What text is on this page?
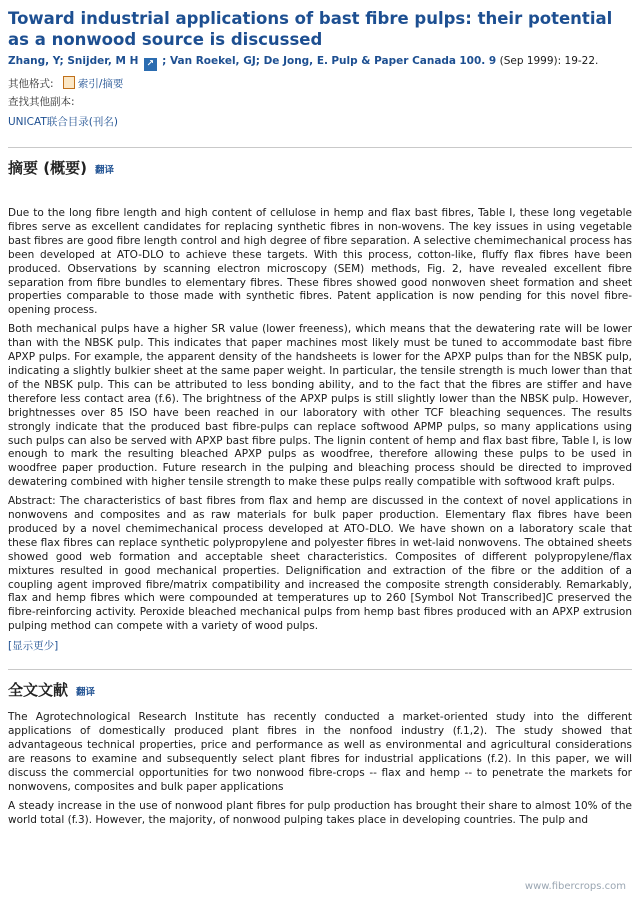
Toward industrial applications of bast fibre pulps: their potential as a nonwood source is discussed
Zhang, Y; Snijder, M H ↗ ; Van Roekel, GJ; De Jong, E. Pulp & Paper Canada 100. 9 (Sep 1999): 19-22.
其他格式: 索引/摘要
查找其他副本:
UNICAT联合目录(刊名)
摘要 (概要) 翻译

Due to the long fibre length and high content of cellulose in hemp and flax bast fibres, Table I, these long vegetable fibres serve as excellent candidates for replacing synthetic fibres in non-wovens. The key issues in using vegetable bast fibres are good fibre length control and high degree of fibre separation. A selective chemimechanical process has been developed at ATO-DLO to achieve these targets. With this process, cotton-like, fluffy flax fibres have been produced. Observations by scanning electron microscopy (SEM) methods, Fig. 2, have revealed excellent fibre separation from fibre bundles to elementary fibres. These fibres showed good nonwoven sheet formation and sheet properties comparable to those made with synthetic fibres. Patent application is now pending for this novel fibre-opening process.

Both mechanical pulps have a higher SR value (lower freeness), which means that the dewatering rate will be lower than with the NBSK pulp. This indicates that paper machines most likely must be tuned to accommodate bast fibre APXP pulps. For example, the apparent density of the handsheets is lower for the APXP pulps than for the NBSK pulp, indicating a slightly bulkier sheet at the same paper weight. In particular, the tensile strength is much lower than that of the NBSK pulp. This can be attributed to less bonding ability, and to the fact that the fibres are stiffer and have therefore less contact area (f.6). The brightness of the APXP pulps is still slightly lower than the NBSK pulp. However, brightnesses over 85 ISO have been reached in our laboratory with other TCF bleaching sequences. The results strongly indicate that the produced bast fibre-pulps can replace softwood APMP pulps, so many applications using such pulps can also be served with APXP bast fibre pulps. The lignin content of hemp and flax bast fibre, Table I, is low enough to mark the resulting bleached APXP pulps as woodfree, therefore allowing these pulps to be used in woodfree paper production. Future research in the pulping and bleaching process should be directed to improved dewatering combined with higher tensile strength to make these pulps really compatible with softwood kraft pulps.

Abstract: The characteristics of bast fibres from flax and hemp are discussed in the context of novel applications in nonwovens and composites and as raw materials for bulk paper production. Elementary flax fibres have been produced by a novel chemimechanical process developed at ATO-DLO. We have shown on a laboratory scale that these flax fibres can replace synthetic polypropylene and polyester fibres in wet-laid nonwovens. The obtained sheets showed good web formation and acceptable sheet characteristics. Composites of different polypropylene/flax mixtures resulted in good mechanical properties. Delignification and extraction of the fibre or the addition of a coupling agent improved fibre/matrix compatibility and increased the composite strength considerably. Remarkably, flax and hemp fibres which were compounded at temperatures up to 260 [Symbol Not Transcribed]C preserved the fibre-reinforcing activity. Peroxide bleached mechanical pulps from hemp bast fibres produced with an APXP extrusion pulping method can compete with a variety of wood pulps.

[显示更少]
全文文献 翻译

The Agrotechnological Research Institute has recently conducted a market-oriented study into the different applications of domestically produced plant fibres in the nonfood industry (f.1,2). The study showed that advantageous technical properties, price and performance as well as environmental and agricultural considerations are reasons to examine and subsequently select plant fibres for industrial applications (f.2). In this paper, we will discuss the commercial opportunities for two nonwood fibre-crops -- flax and hemp -- to penetrate the markets for nonwovens, composites and bulk paper applications

A steady increase in the use of nonwood plant fibres for pulp production has brought their share to almost 10% of the world total (f.3). However, the majority, of nonwood pulping takes place in developing countries. The pulp and

www.fibercrops.com
